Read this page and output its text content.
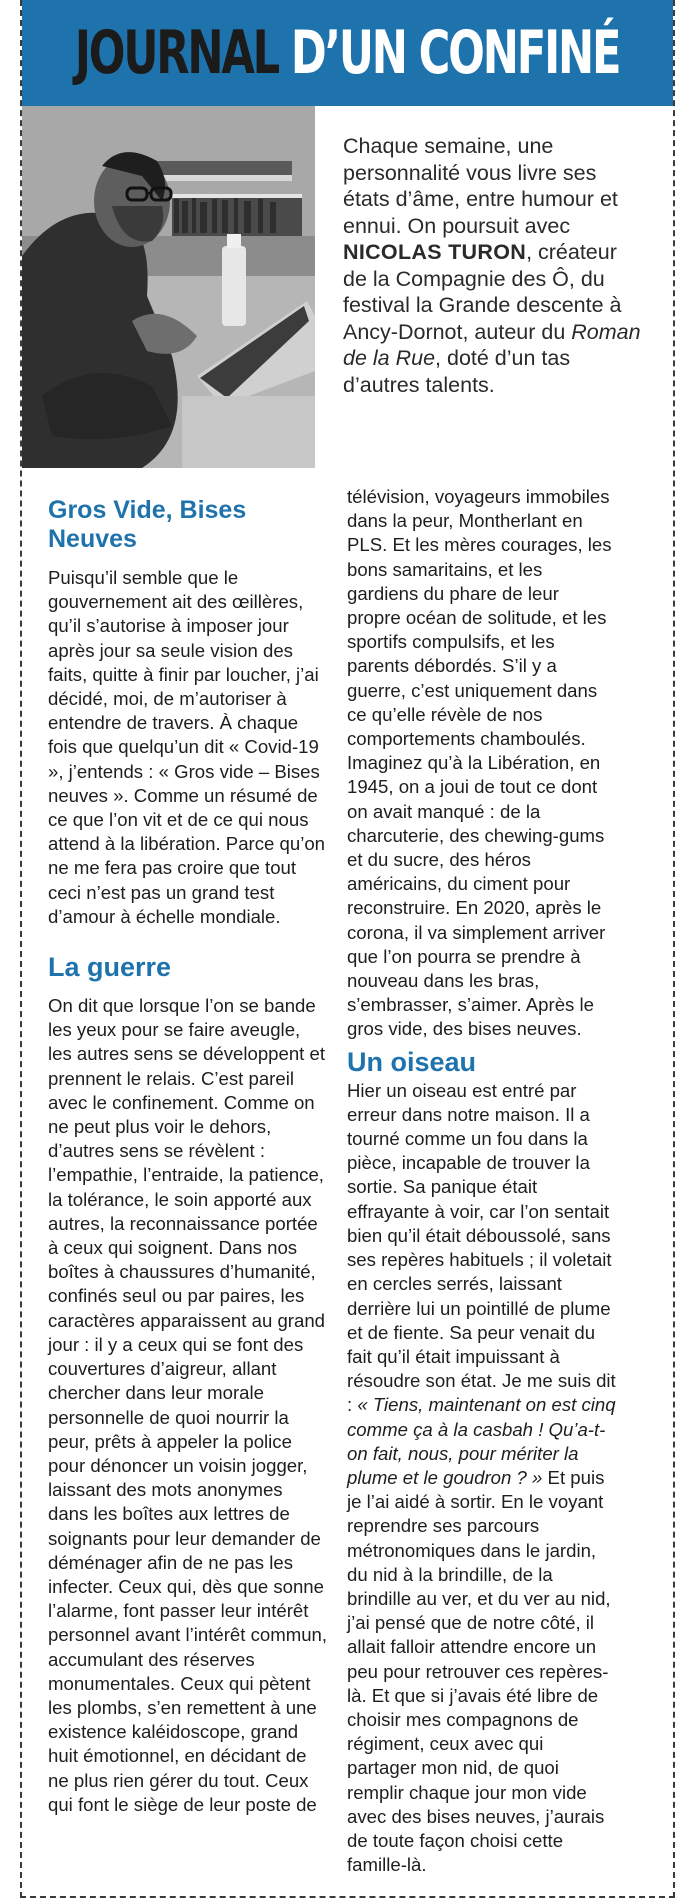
JOURNAL D’UN CONFINÉ
Chaque semaine, une personnalité vous livre ses états d’âme, entre humour et ennui. On poursuit avec NICOLAS TURON, créateur de la Compagnie des Ô, du festival la Grande descente à Ancy-Dornot, auteur du Roman de la Rue, doté d’un tas d’autres talents.
Gros Vide, Bises Neuves

Puisqu’il semble que le gouvernement ait des œillères, qu’il s’autorise à imposer jour après jour sa seule vision des faits, quitte à finir par loucher, j’ai décidé, moi, de m’autoriser à entendre de travers. À chaque fois que quelqu’un dit « Covid-19 », j’entends : « Gros vide – Bises neuves ». Comme un résumé de ce que l’on vit et de ce qui nous attend à la libération. Parce qu’on ne me fera pas croire que tout ceci n’est pas un grand test d’amour à échelle mondiale.

La guerre

On dit que lorsque l’on se bande les yeux pour se faire aveugle, les autres sens se développent et prennent le relais. C’est pareil avec le confinement. Comme on ne peut plus voir le dehors, d’autres sens se révèlent : l’empathie, l’entraide, la patience, la tolérance, le soin apporté aux autres, la reconnaissance portée à ceux qui soignent. Dans nos boîtes à chaussures d’humanité, confinés seul ou par paires, les caractères apparaissent au grand jour : il y a ceux qui se font des couvertures d’aigreur, allant chercher dans leur morale personnelle de quoi nourrir la peur, prêts à appeler la police pour dénoncer un voisin jogger, laissant des mots anonymes dans les boîtes aux lettres de soignants pour leur demander de déménager afin de ne pas les infecter. Ceux qui, dès que sonne l’alarme, font passer leur intérêt personnel avant l’intérêt commun, accumulant des réserves monumentales. Ceux qui pètent les plombs, s’en remettent à une existence kaléidoscope, grand huit émotionnel, en décidant de ne plus rien gérer du tout. Ceux qui font le siège de leur poste de

télévision, voyageurs immobiles dans la peur, Montherlant en PLS. Et les mères courages, les bons samaritains, et les gardiens du phare de leur propre océan de solitude, et les sportifs compulsifs, et les parents débordés. S’il y a guerre, c’est uniquement dans ce qu’elle révèle de nos comportements chamboulés.

Imaginez qu’à la Libération, en 1945, on a joui de tout ce dont on avait manqué : de la charcuterie, des chewing-gums et du sucre, des héros américains, du ciment pour reconstruire. En 2020, après le corona, il va simplement arriver que l’on pourra se prendre à nouveau dans les bras, s’embrasser, s’aimer. Après le gros vide, des bises neuves.

Un oiseau

Hier un oiseau est entré par erreur dans notre maison. Il a tourné comme un fou dans la pièce, incapable de trouver la sortie. Sa panique était effrayante à voir, car l’on sentait bien qu’il était déboussolé, sans ses repères habituels ; il voletait en cercles serrés, laissant derrière lui un pointillé de plume et de fiente. Sa peur venait du fait qu’il était impuissant à résoudre son état. Je me suis dit : « Tiens, maintenant on est cinq comme ça à la casbah ! Qu’a-t-on fait, nous, pour mériter la plume et le goudron ? » Et puis je l’ai aidé à sortir. En le voyant reprendre ses parcours métronomiques dans le jardin, du nid à la brindille, de la brindille au ver, et du ver au nid, j’ai pensé que de notre côté, il allait falloir attendre encore un peu pour retrouver ces repères-là. Et que si j’avais été libre de choisir mes compagnons de régiment, ceux avec qui partager mon nid, de quoi remplir chaque jour mon vide avec des bises neuves, j’aurais de toute façon choisi cette famille-là.
